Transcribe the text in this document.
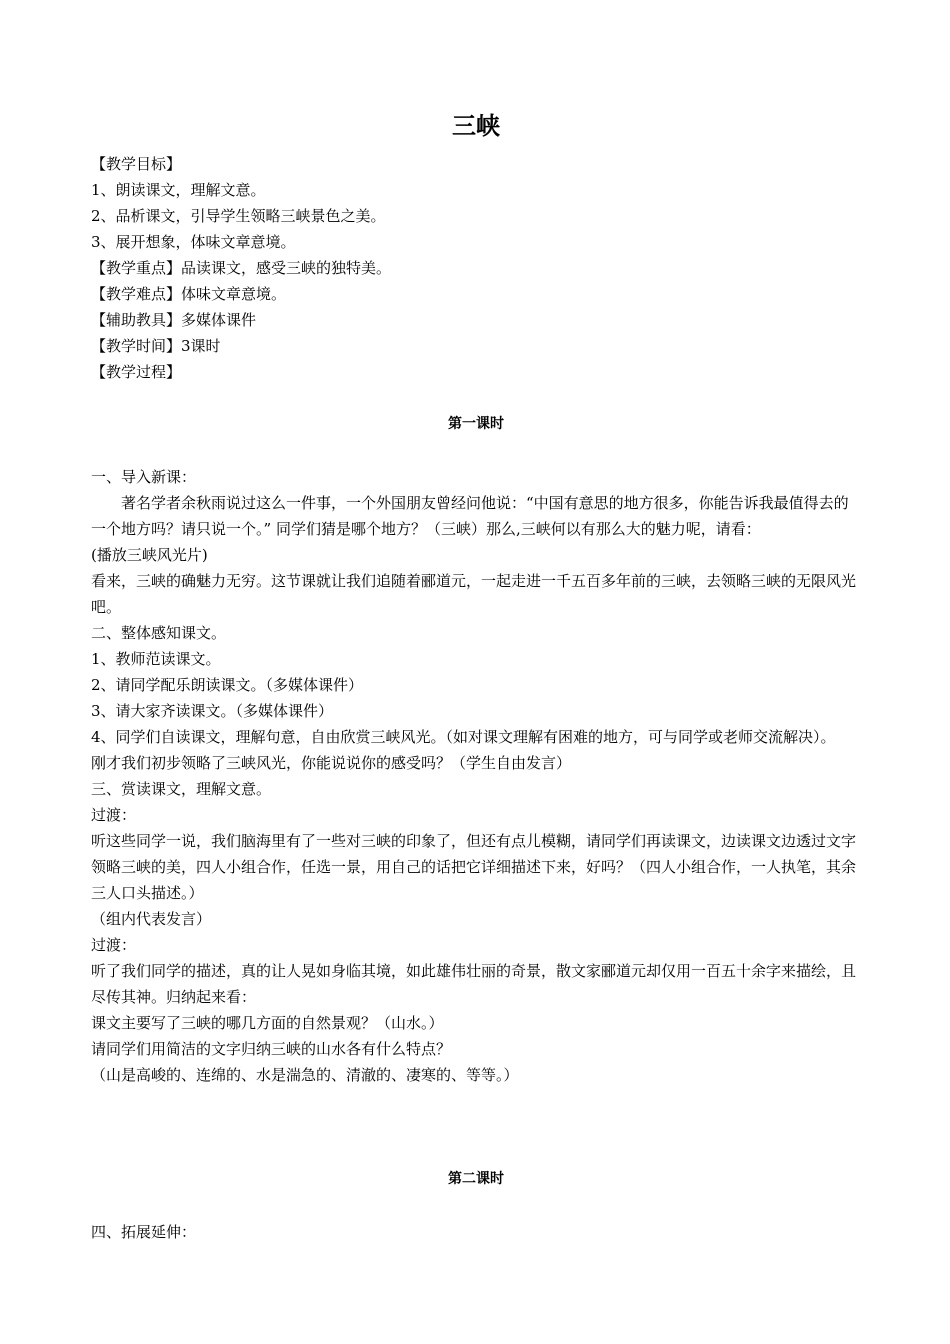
三峡

【教学目标】

1、朗读课文，理解文意。

2、品析课文，引导学生领略三峡景色之美。

3、展开想象，体味文章意境。

【教学重点】品读课文，感受三峡的独特美。

【教学难点】体味文章意境。

【辅助教具】多媒体课件

【教学时间】3课时

【教学过程】

第一课时

一、导入新课：

著名学者余秋雨说过这么一件事，一个外国朋友曾经问他说：“中国有意思的地方很多，你能告诉我最值得去的一个地方吗？请只说一个。” 同学们猜是哪个地方？（三峡）那么,三峡何以有那么大的魅力呢，请看：

(播放三峡风光片)

看来，三峡的确魅力无穷。这节课就让我们追随着郦道元，一起走进一千五百多年前的三峡，去领略三峡的无限风光吧。

二、整体感知课文。

1、教师范读课文。

2、请同学配乐朗读课文。（多媒体课件）

3、请大家齐读课文。（多媒体课件）

4、同学们自读课文，理解句意，自由欣赏三峡风光。（如对课文理解有困难的地方，可与同学或老师交流解决）。

刚才我们初步领略了三峡风光，你能说说你的感受吗？（学生自由发言）

三、赏读课文，理解文意。

过渡：

听这些同学一说，我们脑海里有了一些对三峡的印象了，但还有点儿模糊，请同学们再读课文，边读课文边透过文字领略三峡的美，四人小组合作，任选一景，用自己的话把它详细描述下来，好吗？（四人小组合作，一人执笔，其余三人口头描述。）

（组内代表发言）

过渡：

听了我们同学的描述，真的让人晃如身临其境，如此雄伟壮丽的奇景，散文家郦道元却仅用一百五十余字来描绘，且尽传其神。归纳起来看：

课文主要写了三峡的哪几方面的自然景观？（山水。）

请同学们用简洁的文字归纳三峡的山水各有什么特点？

（山是高峻的、连绵的、水是湍急的、清澈的、凄寒的、等等。）

第二课时

四、拓展延伸：
